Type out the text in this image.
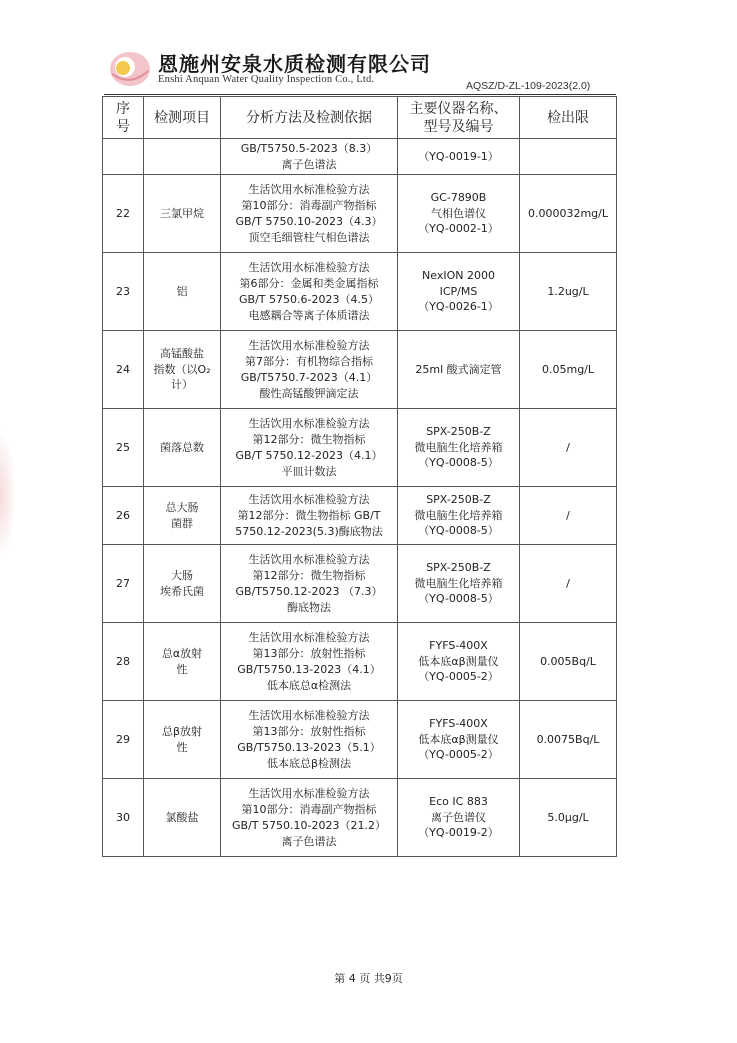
恩施州安泉水质检测有限公司
Enshi Anquan Water Quality Inspection Co., Ltd.
AQSZ/D-ZL-109-2023(2.0)
序
号	检测项目	分析方法及检测依据	主要仪器名称、
型号及编号	检出限

		GB/T5750.5-2023（8.3）
离子色谱法	（YQ-0019-1）	

22	三氯甲烷	生活饮用水标准检验方法
第10部分：消毒副产物指标
GB/T 5750.10-2023（4.3）
顶空毛细管柱气相色谱法	GC-7890B
气相色谱仪
（YQ-0002-1）	0.000032mg/L
23	铝	生活饮用水标准检验方法
第6部分：金属和类金属指标
GB/T 5750.6-2023（4.5）
电感耦合等离子体质谱法	NexION 2000
ICP/MS
（YQ-0026-1）	1.2ug/L
24	高锰酸盐
指数（以O₂
计）	生活饮用水标准检验方法
第7部分：有机物综合指标
GB/T5750.7-2023（4.1）
酸性高锰酸钾滴定法	25ml 酸式滴定管	0.05mg/L
25	菌落总数	生活饮用水标准检验方法
第12部分：微生物指标
GB/T 5750.12-2023（4.1）
平皿计数法	SPX-250B-Z
微电脑生化培养箱
（YQ-0008-5）	/
26	总大肠
菌群	生活饮用水标准检验方法
第12部分：微生物指标 GB/T
5750.12-2023(5.3)酶底物法	SPX-250B-Z
微电脑生化培养箱
（YQ-0008-5）	/
27	大肠
埃希氏菌	生活饮用水标准检验方法
第12部分：微生物指标
GB/T5750.12-2023 （7.3）
酶底物法	SPX-250B-Z
微电脑生化培养箱
（YQ-0008-5）	/
28	总α放射
性	生活饮用水标准检验方法
第13部分：放射性指标
GB/T5750.13-2023（4.1）
低本底总α检测法	FYFS-400X
低本底αβ测量仪
（YQ-0005-2）	0.005Bq/L
29	总β放射
性	生活饮用水标准检验方法
第13部分：放射性指标
GB/T5750.13-2023（5.1）
低本底总β检测法	FYFS-400X
低本底αβ测量仪
（YQ-0005-2）	0.0075Bq/L
30	氯酸盐	生活饮用水标准检验方法
第10部分：消毒副产物指标
GB/T 5750.10-2023（21.2）
离子色谱法	Eco IC 883
离子色谱仪
（YQ-0019-2）	5.0μg/L
第 4 页 共9页
